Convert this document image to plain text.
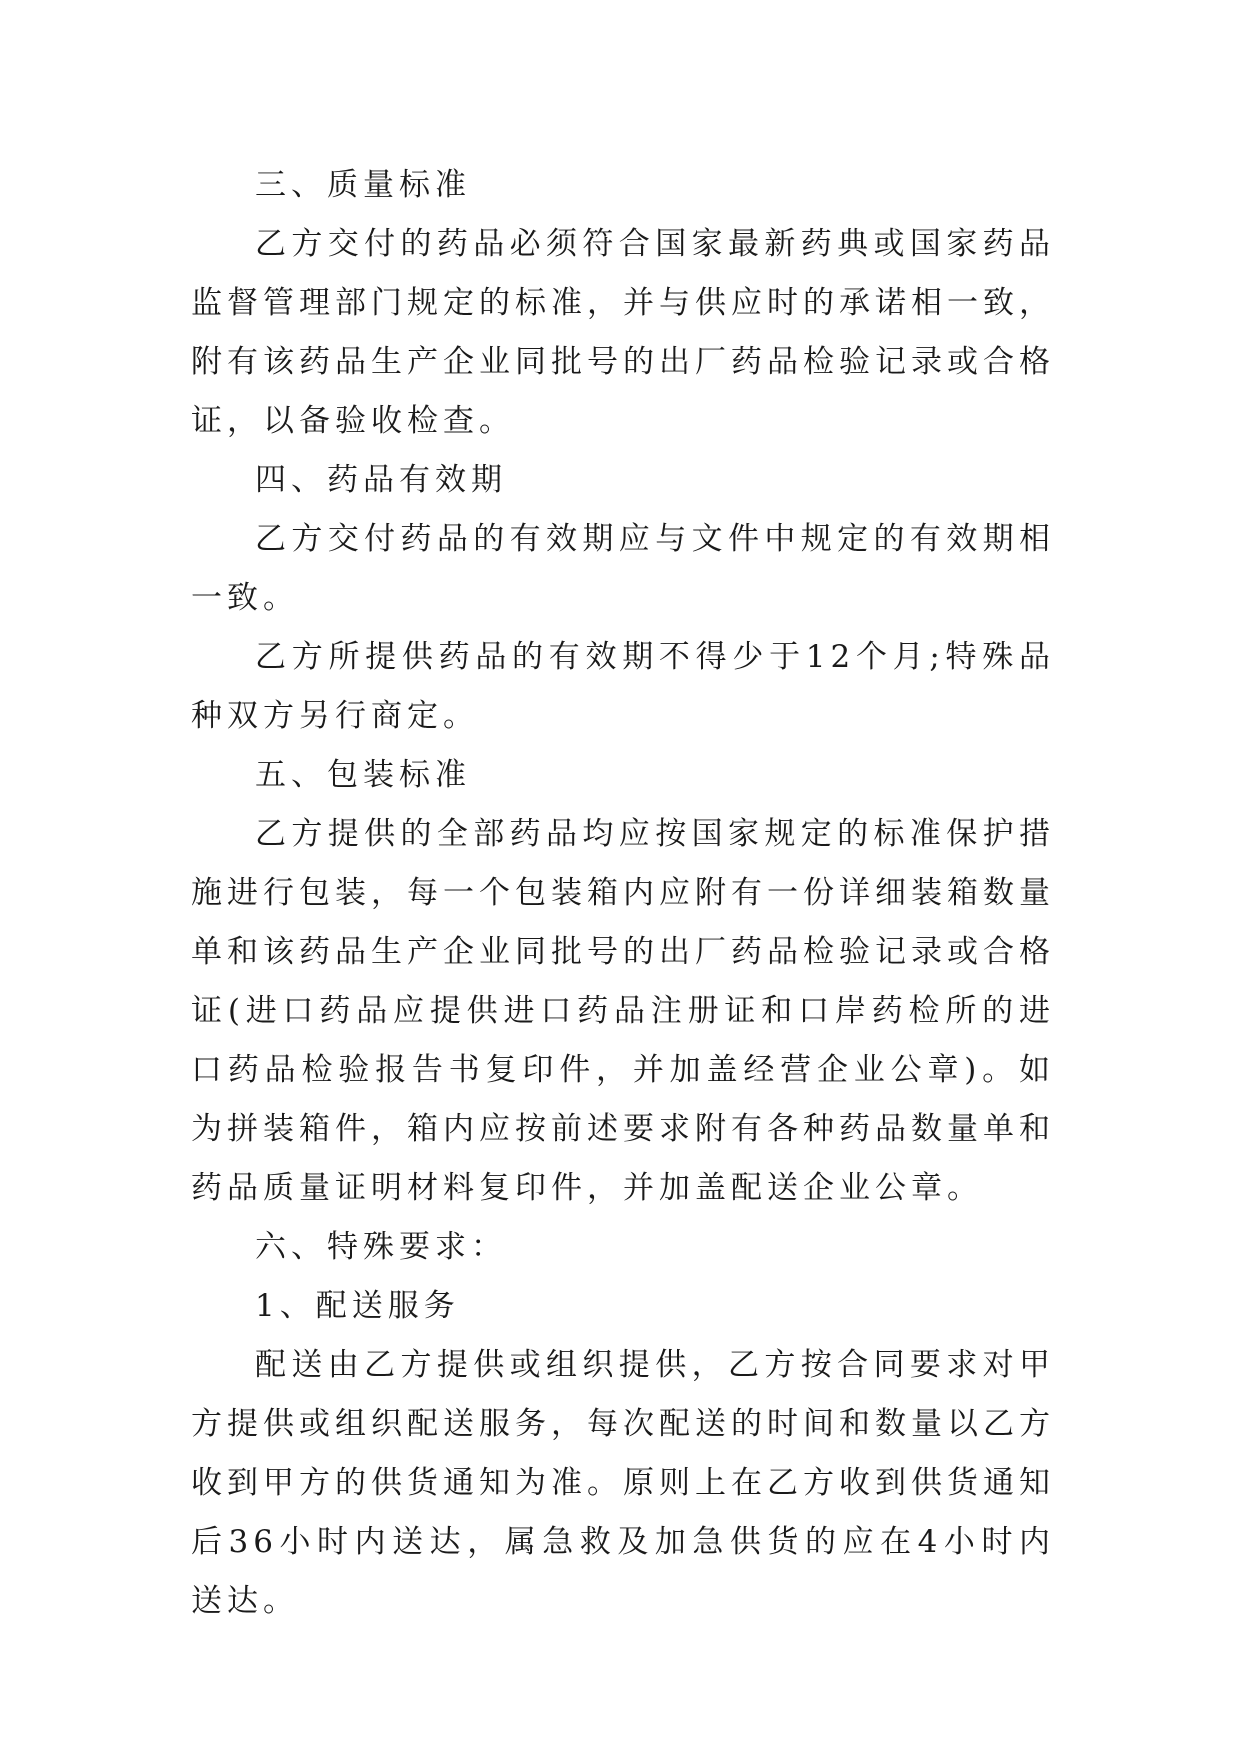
三、质量标准

乙方交付的药品必须符合国家最新药典或国家药品监督管理部门规定的标准，并与供应时的承诺相一致，附有该药品生产企业同批号的出厂药品检验记录或合格证，以备验收检查。

四、药品有效期

乙方交付药品的有效期应与文件中规定的有效期相一致。

乙方所提供药品的有效期不得少于12个月;特殊品种双方另行商定。

五、包装标准

乙方提供的全部药品均应按国家规定的标准保护措施进行包装，每一个包装箱内应附有一份详细装箱数量单和该药品生产企业同批号的出厂药品检验记录或合格证(进口药品应提供进口药品注册证和口岸药检所的进口药品检验报告书复印件，并加盖经营企业公章)。如为拼装箱件，箱内应按前述要求附有各种药品数量单和药品质量证明材料复印件，并加盖配送企业公章。

六、特殊要求：

1、配送服务

配送由乙方提供或组织提供，乙方按合同要求对甲方提供或组织配送服务，每次配送的时间和数量以乙方收到甲方的供货通知为准。原则上在乙方收到供货通知后36小时内送达，属急救及加急供货的应在4小时内送达。
